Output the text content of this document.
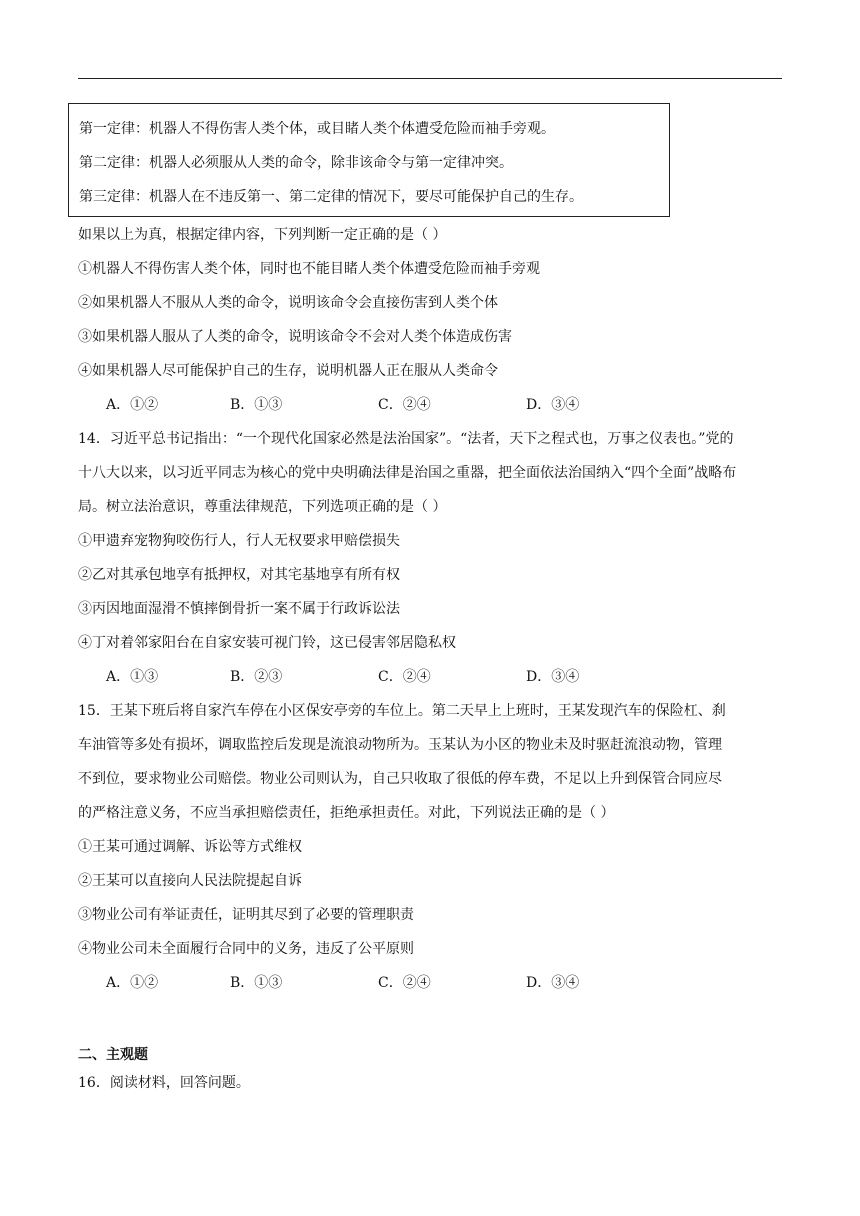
第一定律：机器人不得伤害人类个体，或目睹人类个体遭受危险而袖手旁观。
第二定律：机器人必须服从人类的命令，除非该命令与第一定律冲突。
第三定律：机器人在不违反第一、第二定律的情况下，要尽可能保护自己的生存。
如果以上为真，根据定律内容，下列判断一定正确的是（ ）
①机器人不得伤害人类个体，同时也不能目睹人类个体遭受危险而袖手旁观
②如果机器人不服从人类的命令，说明该命令会直接伤害到人类个体
③如果机器人服从了人类的命令，说明该命令不会对人类个体造成伤害
④如果机器人尽可能保护自己的生存，说明机器人正在服从人类命令
A．①②	B．①③	C．②④	D．③④
14．习近平总书记指出：“一个现代化国家必然是法治国家”。“法者，天下之程式也，万事之仪表也。”党的
十八大以来，以习近平同志为核心的党中央明确法律是治国之重器，把全面依法治国纳入“四个全面”战略布
局。树立法治意识，尊重法律规范，下列选项正确的是（ ）
①甲遗弃宠物狗咬伤行人，行人无权要求甲赔偿损失
②乙对其承包地享有抵押权，对其宅基地享有所有权
③丙因地面湿滑不慎摔倒骨折一案不属于行政诉讼法
④丁对着邻家阳台在自家安装可视门铃，这已侵害邻居隐私权
A．①③	B．②③	C．②④	D．③④
15．王某下班后将自家汽车停在小区保安亭旁的车位上。第二天早上上班时，王某发现汽车的保险杠、刹
车油管等多处有损坏，调取监控后发现是流浪动物所为。玉某认为小区的物业未及时驱赶流浪动物，管理
不到位，要求物业公司赔偿。物业公司则认为，自己只收取了很低的停车费，不足以上升到保管合同应尽
的严格注意义务，不应当承担赔偿责任，拒绝承担责任。对此，下列说法正确的是（ ）
①王某可通过调解、诉讼等方式维权
②王某可以直接向人民法院提起自诉
③物业公司有举证责任，证明其尽到了必要的管理职责
④物业公司未全面履行合同中的义务，违反了公平原则
A．①②	B．①③	C．②④	D．③④
二、主观题
16．阅读材料，回答问题。
